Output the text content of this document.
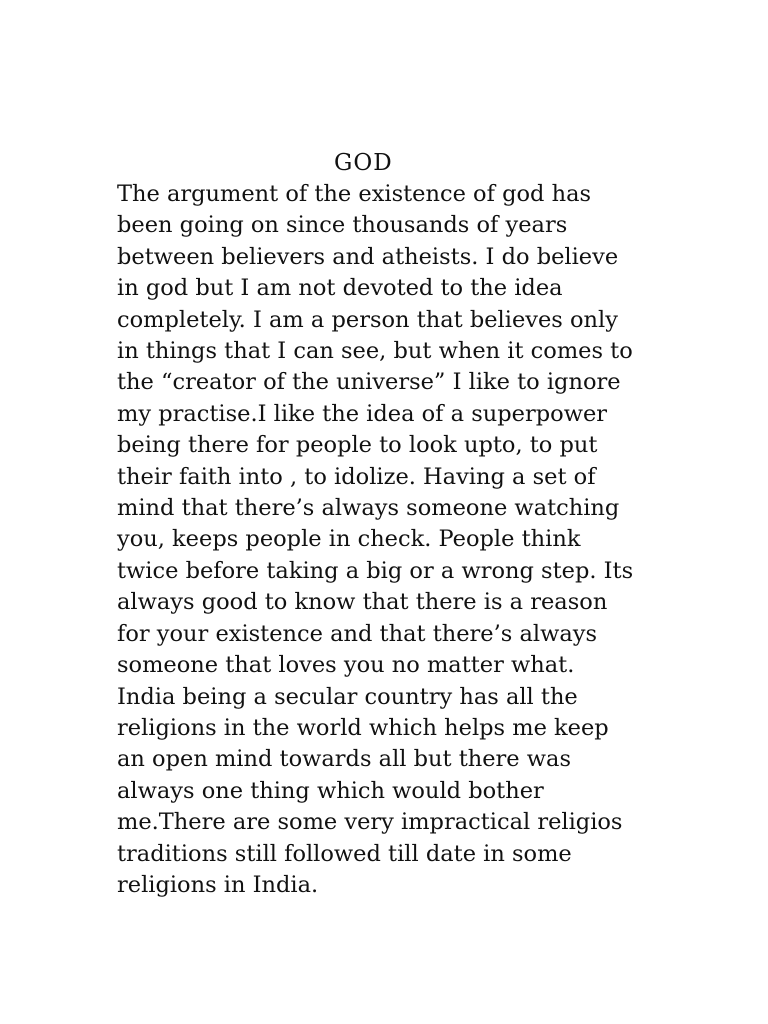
GOD
The argument of the existence of god has
been going on since thousands of years
between believers and atheists. I do believe
in god but I am not devoted to the idea
completely. I am a person that believes only
in things that I can see, but when it comes to
the “creator of the universe” I like to ignore
my practise.I like the idea of a superpower
being there for people to look upto, to put
their faith into , to idolize. Having a set of
mind that there’s always someone watching
you, keeps people in check. People think
twice before taking a big or a wrong step. Its
always good to know that there is a reason
for your existence and that there’s always
someone that loves you no matter what.
India being a secular country has all the
religions in the world which helps me keep
an open mind towards all but there was
always one thing which would bother
me.There are some very impractical religios
traditions still followed till date in some
religions in India.
